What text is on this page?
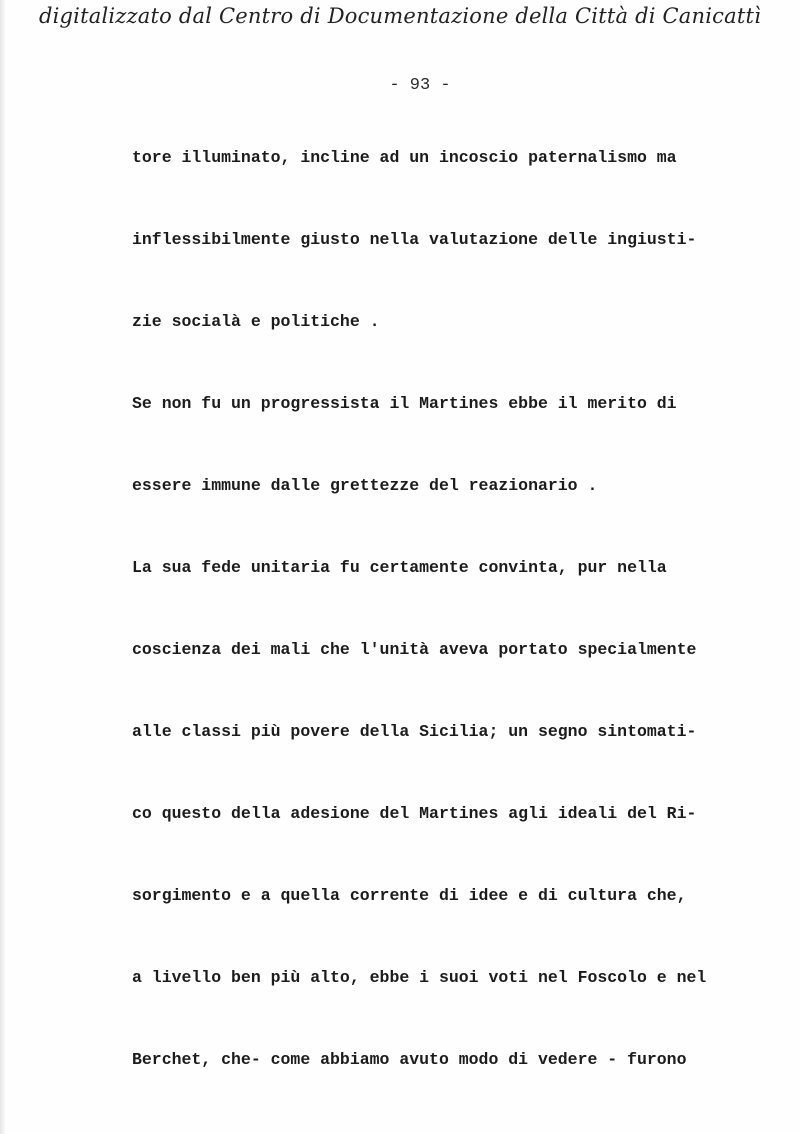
digitalizzato dal Centro di Documentazione della Città di Canicattì
- 93 -
tore illuminato, incline ad un incoscio paternalismo ma
inflessibilmente giusto nella valutazione delle ingiusti-
zie socialà e politiche .
Se non fu un progressista il Martines ebbe il merito di
essere immune dalle grettezze del reazionario .
La sua fede unitaria fu certamente convinta, pur nella
coscienza dei mali che l'unità aveva portato specialmente
alle classi più povere della Sicilia; un segno sintomati-
co questo della adesione del Martines agli ideali del Ri-
sorgimento e a quella corrente di idee e di cultura che,
a livello ben più alto, ebbe i suoi voti nel Foscolo e nel
Berchet, che- come abbiamo avuto modo di vedere - furono
